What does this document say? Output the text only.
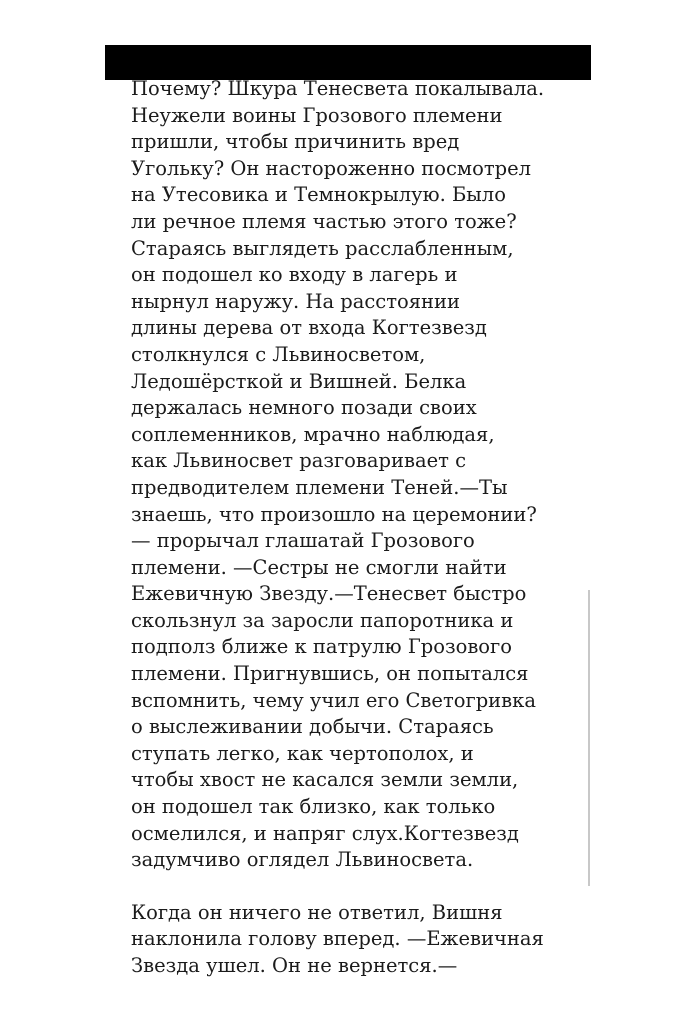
Почему? Шкура Тенесвета покалывала.
Неужели воины Грозового племени
пришли, чтобы причинить вред
Угольку? Он настороженно посмотрел
на Утесовика и Темнокрылую. Было
ли речное племя частью этого тоже?
Стараясь выглядеть расслабленным,
он подошел ко входу в лагерь и
нырнул наружу. На расстоянии
длины дерева от входа Когтезвезд
столкнулся с Львиносветом,
Ледошёрсткой и Вишней. Белка
держалась немного позади своих
соплеменников, мрачно наблюдая,
как Львиносвет разговаривает с
предводителем племени Теней.—Ты
знаешь, что произошло на церемонии?
— прорычал глашатай Грозового
племени. —Сестры не смогли найти
Ежевичную Звезду.—Тенесвет быстро
скользнул за заросли папоротника и
подполз ближе к патрулю Грозового
племени. Пригнувшись, он попытался
вспомнить, чему учил его Светогривка
о выслеживании добычи. Стараясь
ступать легко, как чертополох, и
чтобы хвост не касался земли земли,
он подошел так близко, как только
осмелился, и напряг слух.Когтезвезд
задумчиво оглядел Львиносвета.

Когда он ничего не ответил, Вишня
наклонила голову вперед. —Ежевичная
Звезда ушел. Он не вернется.—
